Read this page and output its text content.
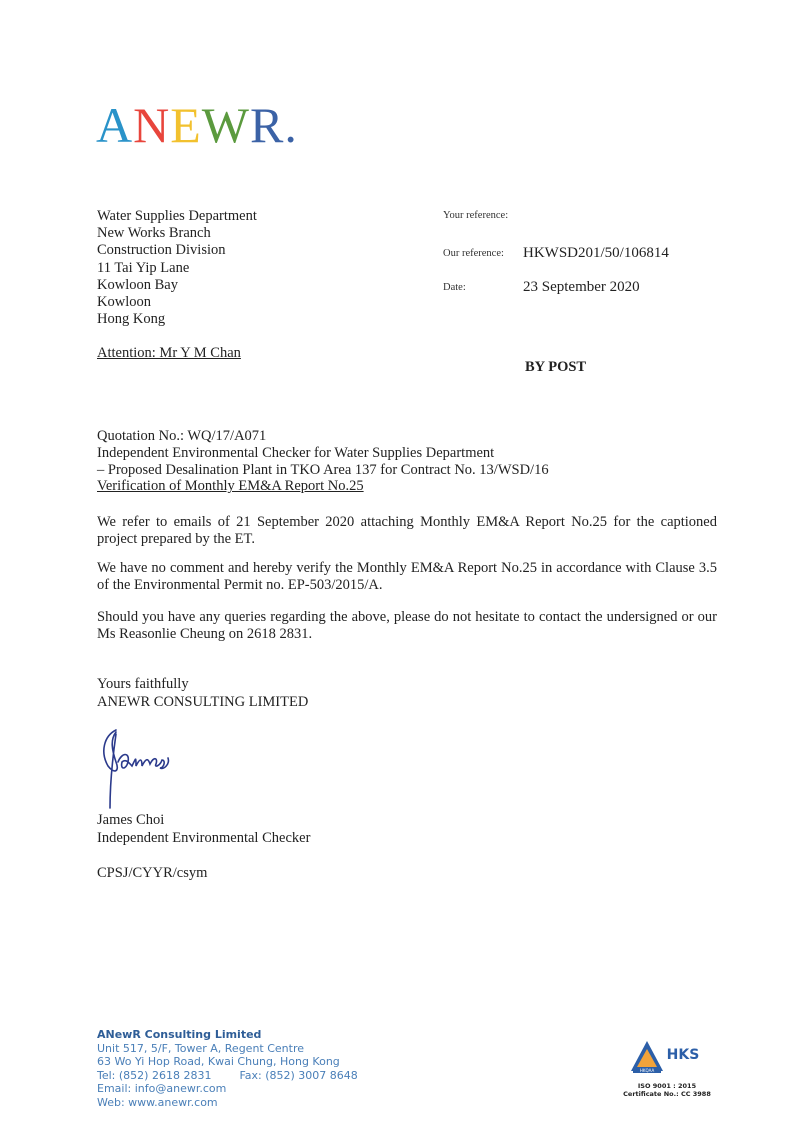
ANEWR.
Water Supplies Department
New Works Branch
Construction Division
11 Tai Yip Lane
Kowloon Bay
Kowloon
Hong Kong
Attention: Mr Y M Chan
Your reference:
Our reference: HKWSD201/50/106814
Date:	23 September 2020
BY POST
Quotation No.: WQ/17/A071
Independent Environmental Checker for Water Supplies Department
– Proposed Desalination Plant in TKO Area 137 for Contract No. 13/WSD/16
Verification of Monthly EM&A Report No.25
We refer to emails of 21 September 2020 attaching Monthly EM&A Report No.25 for the captioned project prepared by the ET.
We have no comment and hereby verify the Monthly EM&A Report No.25 in accordance with Clause 3.5 of the Environmental Permit no. EP-503/2015/A.
Should you have any queries regarding the above, please do not hesitate to contact the undersigned or our Ms Reasonlie Cheung on 2618 2831.
Yours faithfully
ANEWR CONSULTING LIMITED
James Choi
Independent Environmental Checker
CPSJ/CYYR/csym
ANewR Consulting Limited
Unit 517, 5/F, Tower A, Regent Centre
63 Wo Yi Hop Road, Kwai Chung, Hong Kong
Tel: (852) 2618 2831	Fax: (852) 3007 8648
Email: info@anewr.com
Web: www.anewr.com
HKQAA
HKS
ISO 9001 : 2015
Certificate No.: CC 3988
